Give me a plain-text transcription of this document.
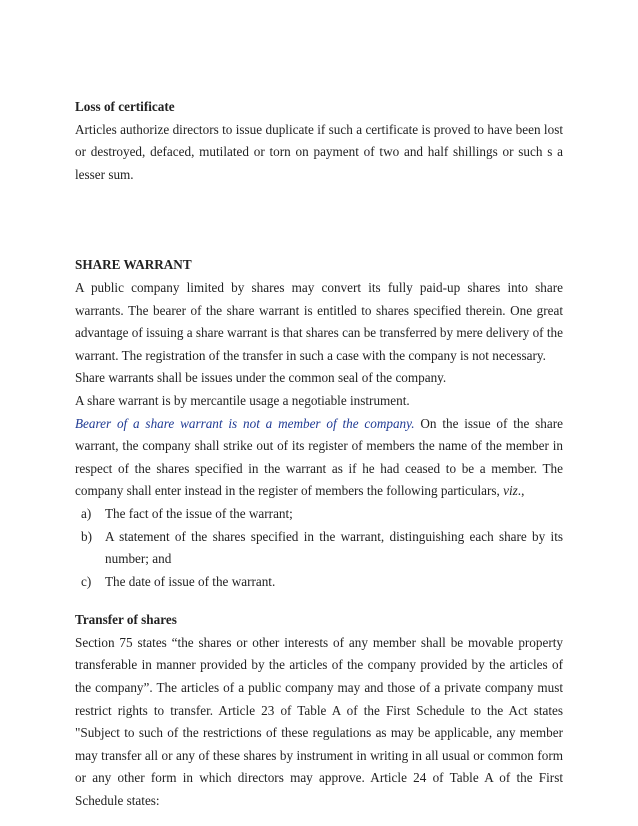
Loss of certificate

Articles authorize directors to issue duplicate if such a certificate is proved to have been lost or destroyed, defaced, mutilated or torn on payment of two and half shillings or such s a lesser sum.

SHARE WARRANT

A public company limited by shares may convert its fully paid-up shares into share warrants. The bearer of the share warrant is entitled to shares specified therein. One great advantage of issuing a share warrant is that shares can be transferred by mere delivery of the warrant. The registration of the transfer in such a case with the company is not necessary.

Share warrants shall be issues under the common seal of the company.

A share warrant is by mercantile usage a negotiable instrument.

Bearer of a share warrant is not a member of the company. On the issue of the share warrant, the company shall strike out of its register of members the name of the member in respect of the shares specified in the warrant as if he had ceased to be a member. The company shall enter instead in the register of members the following particulars, viz.,

a)	The fact of the issue of the warrant;
b) A statement of the shares specified in the warrant, distinguishing each share by its number; and
c)	The date of issue of the warrant.

Transfer of shares

Section 75 states “the shares or other interests of any member shall be movable property transferable in manner provided by the articles of the company provided by the articles of the company”. The articles of a public company may and those of a private company must restrict rights to transfer. Article 23 of Table A of the First Schedule to the Act states "Subject to such of the restrictions of these regulations as may be applicable, any member may transfer all or any of these shares by instrument in writing in all usual or common form or any other form in which directors may approve. Article 24 of Table A of the First Schedule states:
